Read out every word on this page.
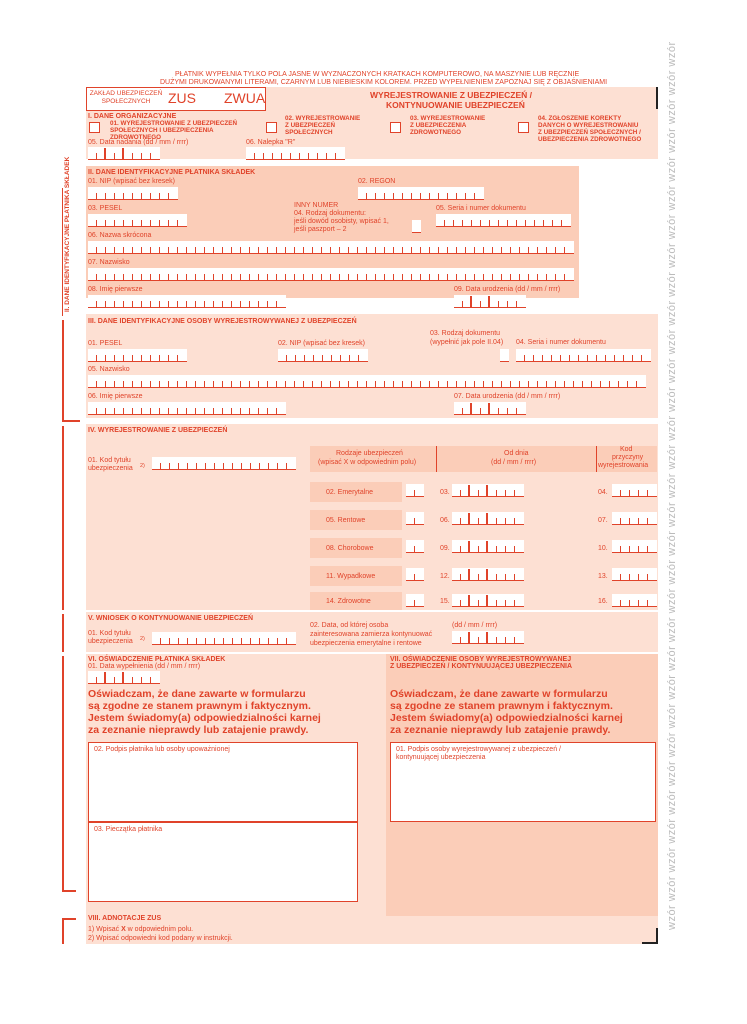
wzór wzór wzór wzór wzór wzór wzór wzór wzór wzór wzór wzór wzór wzór wzór wzór wzór wzór wzór wzór wzór wzór wzór wzór wzór wzór wzór wzór wzór wzór wzór
PŁATNIK WYPEŁNIA TYLKO POLA JASNE W WYZNACZONYCH KRATKACH KOMPUTEROWO, NA MASZYNIE LUB RĘCZNIE
DUŻYMI DRUKOWANYMI LITERAMI, CZARNYM LUB NIEBIESKIM KOLOREM. PRZED WYPEŁNIENIEM ZAPOZNAJ SIĘ Z OBJAŚNIENIAMI
ZAKŁAD UBEZPIECZEŃ SPOŁECZNYCH	ZUS ZWUA	WYREJESTROWANIE Z UBEZPIECZEŃ /
KONTYNUOWANIE UBEZPIECZEŃ
I. DANE ORGANIZACYJNE
01. WYREJESTROWANIE Z UBEZPIECZEŃ
SPOŁECZNYCH I UBEZPIECZENIA
ZDROWOTNEGO
02. WYREJESTROWANIE
Z UBEZPIECZEŃ
SPOŁECZNYCH
03. WYREJESTROWANIE
Z UBEZPIECZENIA
ZDROWOTNEGO
04. ZGŁOSZENIE KOREKTY
DANYCH O WYREJESTROWANIU
Z UBEZPIECZEŃ SPOŁECZNYCH /
UBEZPIECZENIA ZDROWOTNEGO
05. Data nadania (dd / mm / rrrr)	06. Nalepka "R"
II. DANE IDENTYFIKACYJNE PŁATNIKA SKŁADEK II. DANE IDENTYFIKACYJNE PŁATNIKA SKŁADEK
01. NIP (wpisać bez kresek)	02. REGON
03. PESEL	INNY NUMER
04. Rodzaj dokumentu:
jeśli dowód osobisty, wpisać 1,
jeśli paszport – 2
05. Seria i numer dokumentu
06. Nazwa skrócona
07. Nazwisko
08. Imię pierwsze	09. Data urodzenia (dd / mm / rrrr)
III. DANE IDENTYFIKACYJNE OSOBY WYREJESTROWYWANEJ Z UBEZPIECZEŃ
01. PESEL	02. NIP (wpisać bez kresek)
03. Rodzaj dokumentu
(wypełnić jak pole II.04) 04. Seria i numer dokumentu
05. Nazwisko
06. Imię pierwsze	07. Data urodzenia (dd / mm / rrrr)
IV. WYREJESTROWANIE Z UBEZPIECZEŃ
01. Kod tytułu
ubezpieczenia 2)
Rodzaje ubezpieczeń
(wpisać X w odpowiednim polu)
Od dnia
(dd / mm / rrrr)
Kod
przyczyny
wyrejestrowania
02. Emerytalne	03.	04.
05. Rentowe	06.	07.
08. Chorobowe	09.	10.
11. Wypadkowe	12.	13.
14. Zdrowotne	15.	16.
V. WNIOSEK O KONTYNUOWANIE UBEZPIECZEŃ
01. Kod tytułu
ubezpieczenia 2)
02. Data, od której osoba
zainteresowana zamierza kontynuować
ubezpieczenia emerytalne i rentowe
(dd / mm / rrrr)
VI. OŚWIADCZENIE PŁATNIKA SKŁADEK
01. Data wypełnienia (dd / mm / rrrr)
Oświadczam, że dane zawarte w formularzu
są zgodne ze stanem prawnym i faktycznym.
Jestem świadomy(a) odpowiedzialności karnej
za zeznanie nieprawdy lub zatajenie prawdy.
02. Podpis płatnika lub osoby upoważnionej
03. Pieczątka płatnika
VII. OŚWIADCZENIE OSOBY WYREJESTROWYWANEJ
Z UBEZPIECZEŃ / KONTYNUUJĄCEJ UBEZPIECZENIA
Oświadczam, że dane zawarte w formularzu
są zgodne ze stanem prawnym i faktycznym.
Jestem świadomy(a) odpowiedzialności karnej
za zeznanie nieprawdy lub zatajenie prawdy.
01. Podpis osoby wyrejestrowywanej z ubezpieczeń /
kontynuującej ubezpieczenia
VIII. ADNOTACJE ZUS
1) Wpisać X w odpowiednim polu.
2) Wpisać odpowiedni kod podany w instrukcji.
